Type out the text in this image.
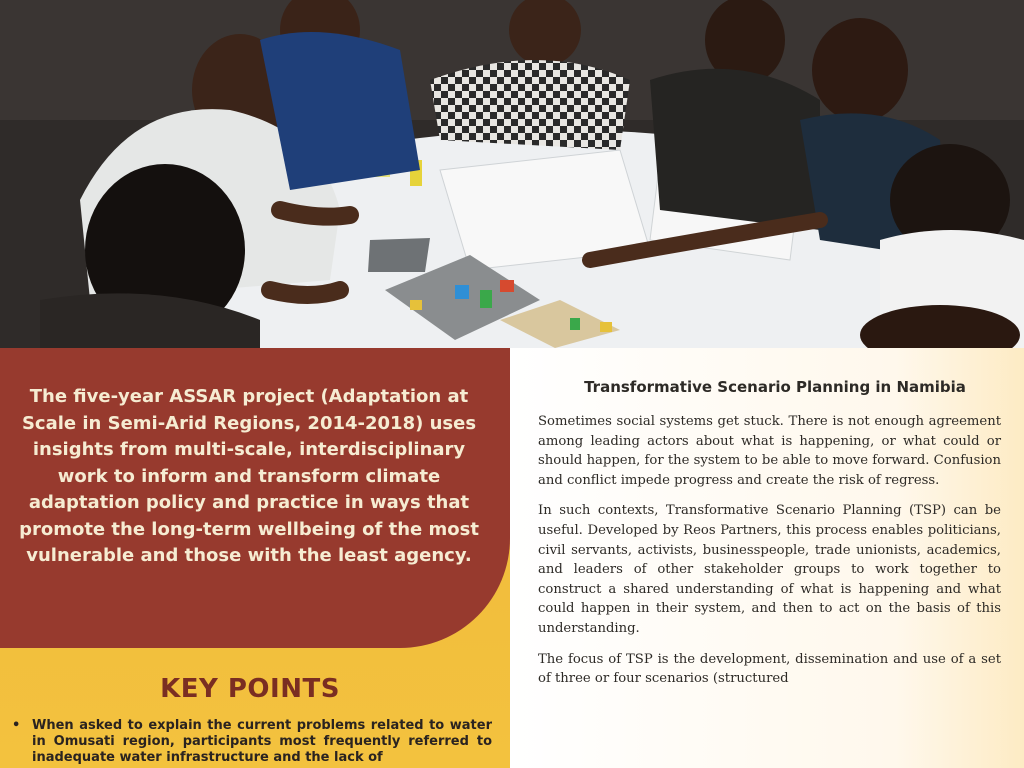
The five-year ASSAR project (Adaptation at Scale in Semi-Arid Regions, 2014-2018) uses insights from multi-scale, interdisciplinary work to inform and transform climate adaptation policy and practice in ways that promote the long-term wellbeing of the most vulnerable and those with the least agency.
KEY POINTS
• When asked to explain the current problems related to water in Omusati region, participants most frequently referred to inadequate water infrastructure and the lack of
Transformative Scenario Planning in Namibia

Sometimes social systems get stuck. There is not enough agreement among leading actors about what is happening, or what could or should happen, for the system to be able to move forward. Confusion and conflict impede progress and create the risk of regress.

In such contexts, Transformative Scenario Planning (TSP) can be useful. Developed by Reos Partners, this process enables politicians, civil servants, activists, businesspeople, trade unionists, academics, and leaders of other stakeholder groups to work together to construct a shared understanding of what is happening and what could happen in their system, and then to act on the basis of this understanding.

The focus of TSP is the development, dissemination and use of a set of three or four scenarios (structured
